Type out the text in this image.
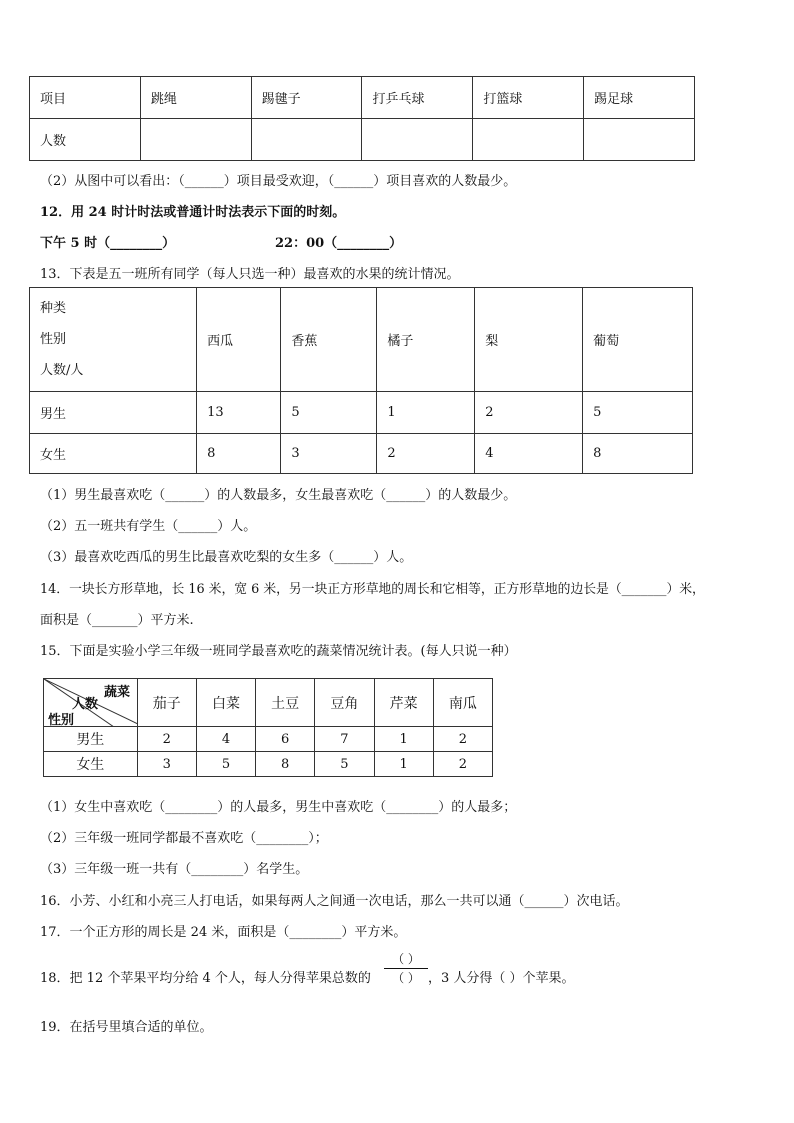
项目	跳绳	踢毽子	打乒乓球	打篮球	踢足球
人数					
（2）从图中可以看出：（______）项目最受欢迎，（______）项目喜欢的人数最少。
12．用 24 时计时法或普通计时法表示下面的时刻。
下午 5 时（________）	22：00（________）
13．下表是五一班所有同学（每人只选一种）最喜欢的水果的统计情况。
种类
性别
人数/人	西瓜	香蕉	橘子	梨	葡萄
男生	13	5	1	2	5
女生	8	3	2	4	8
（1）男生最喜欢吃（______）的人数最多，女生最喜欢吃（______）的人数最少。
（2）五一班共有学生（______）人。
（3）最喜欢吃西瓜的男生比最喜欢吃梨的女生多（______）人。
14．一块长方形草地，长 16 米，宽 6 米，另一块正方形草地的周长和它相等，正方形草地的边长是（_______）米，
面积是（_______）平方米.
15．下面是实验小学三年级一班同学最喜欢吃的蔬菜情况统计表。(每人只说一种）
蔬菜
人数
性别	茄子	白菜	土豆	豆角	芹菜	南瓜
男生	2	4	6	7	1	2
女生	3	5	8	5	1	2
（1）女生中喜欢吃（________）的人最多，男生中喜欢吃（________）的人最多；
（2）三年级一班同学都最不喜欢吃（________）；
（3）三年级一班一共有（________）名学生。
16．小芳、小红和小亮三人打电话，如果每两人之间通一次电话，那么一共可以通（______）次电话。
17．一个正方形的周长是 24 米，面积是（________）平方米。
18．把 12 个苹果平均分给 4 个人，每人分得苹果总数的
（ ）
（ ） ，3 人分得（ ）个苹果。
19．在括号里填合适的单位。
